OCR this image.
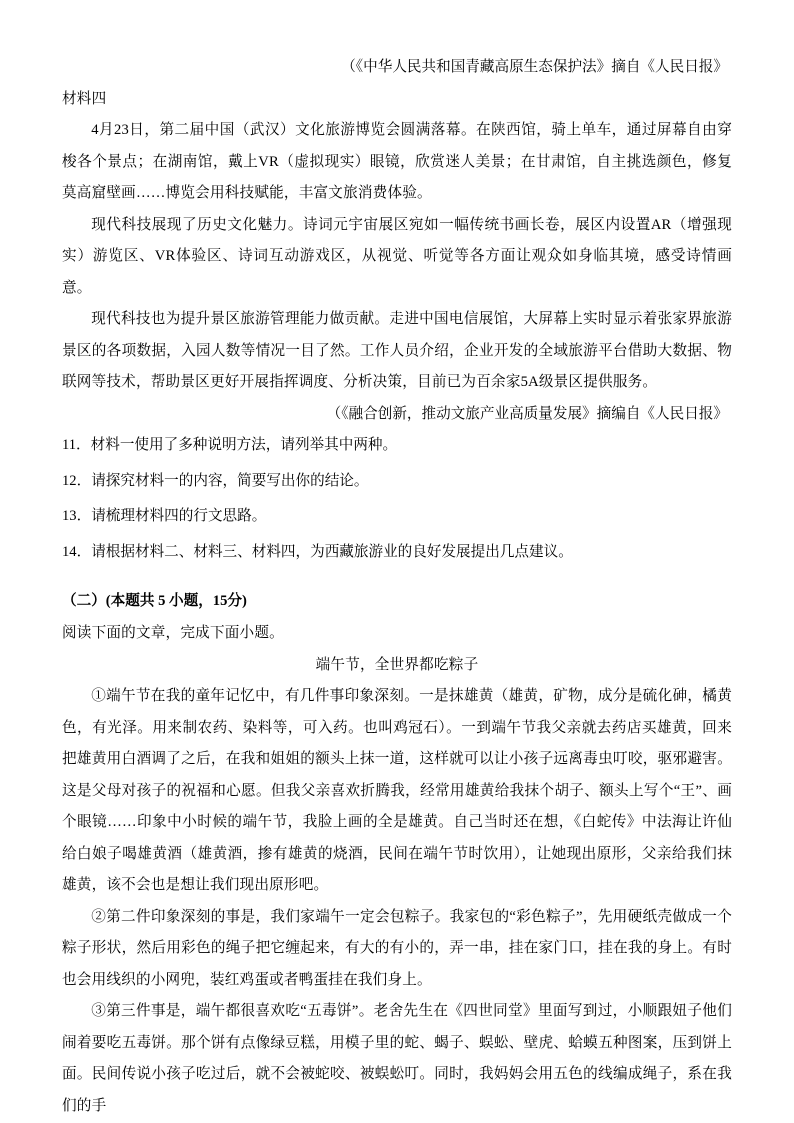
（《中华人民共和国青藏高原生态保护法》摘自《人民日报》
材料四
4月23日，第二届中国（武汉）文化旅游博览会圆满落幕。在陕西馆，骑上单车，通过屏幕自由穿梭各个景点；在湖南馆，戴上VR（虚拟现实）眼镜，欣赏迷人美景；在甘肃馆，自主挑选颜色，修复莫高窟壁画……博览会用科技赋能，丰富文旅消费体验。
现代科技展现了历史文化魅力。诗词元宇宙展区宛如一幅传统书画长卷，展区内设置AR（增强现实）游览区、VR体验区、诗词互动游戏区，从视觉、听觉等各方面让观众如身临其境，感受诗情画意。
现代科技也为提升景区旅游管理能力做贡献。走进中国电信展馆，大屏幕上实时显示着张家界旅游景区的各项数据，入园人数等情况一目了然。工作人员介绍，企业开发的全域旅游平台借助大数据、物联网等技术，帮助景区更好开展指挥调度、分析决策，目前已为百余家5A级景区提供服务。
（《融合创新，推动文旅产业高质量发展》摘编自《人民日报》
11．材料一使用了多种说明方法，请列举其中两种。
12．请探究材料一的内容，简要写出你的结论。
13．请梳理材料四的行文思路。
14．请根据材料二、材料三、材料四，为西藏旅游业的良好发展提出几点建议。
（二）(本题共 5 小题，15分)
阅读下面的文章，完成下面小题。
端午节，全世界都吃粽子
①端午节在我的童年记忆中，有几件事印象深刻。一是抹雄黄（雄黄，矿物，成分是硫化砷，橘黄色，有光泽。用来制农药、染料等，可入药。也叫鸡冠石）。一到端午节我父亲就去药店买雄黄，回来把雄黄用白酒调了之后，在我和姐姐的额头上抹一道，这样就可以让小孩子远离毒虫叮咬，驱邪避害。这是父母对孩子的祝福和心愿。但我父亲喜欢折腾我，经常用雄黄给我抹个胡子、额头上写个“王”、画个眼镜……印象中小时候的端午节，我脸上画的全是雄黄。自己当时还在想，《白蛇传》中法海让许仙给白娘子喝雄黄酒（雄黄酒，掺有雄黄的烧酒，民间在端午节时饮用），让她现出原形，父亲给我们抹雄黄，该不会也是想让我们现出原形吧。
②第二件印象深刻的事是，我们家端午一定会包粽子。我家包的“彩色粽子”，先用硬纸壳做成一个粽子形状，然后用彩色的绳子把它缠起来，有大的有小的，弄一串，挂在家门口，挂在我的身上。有时也会用线织的小网兜，装红鸡蛋或者鸭蛋挂在我们身上。
③第三件事是，端午都很喜欢吃“五毒饼”。老舍先生在《四世同堂》里面写到过，小顺跟妞子他们闹着要吃五毒饼。那个饼有点像绿豆糕，用模子里的蛇、蝎子、蜈蚣、壁虎、蛤蟆五种图案，压到饼上面。民间传说小孩子吃过后，就不会被蛇咬、被蜈蚣叮。同时，我妈妈会用五色的线编成绳子，系在我们的手
